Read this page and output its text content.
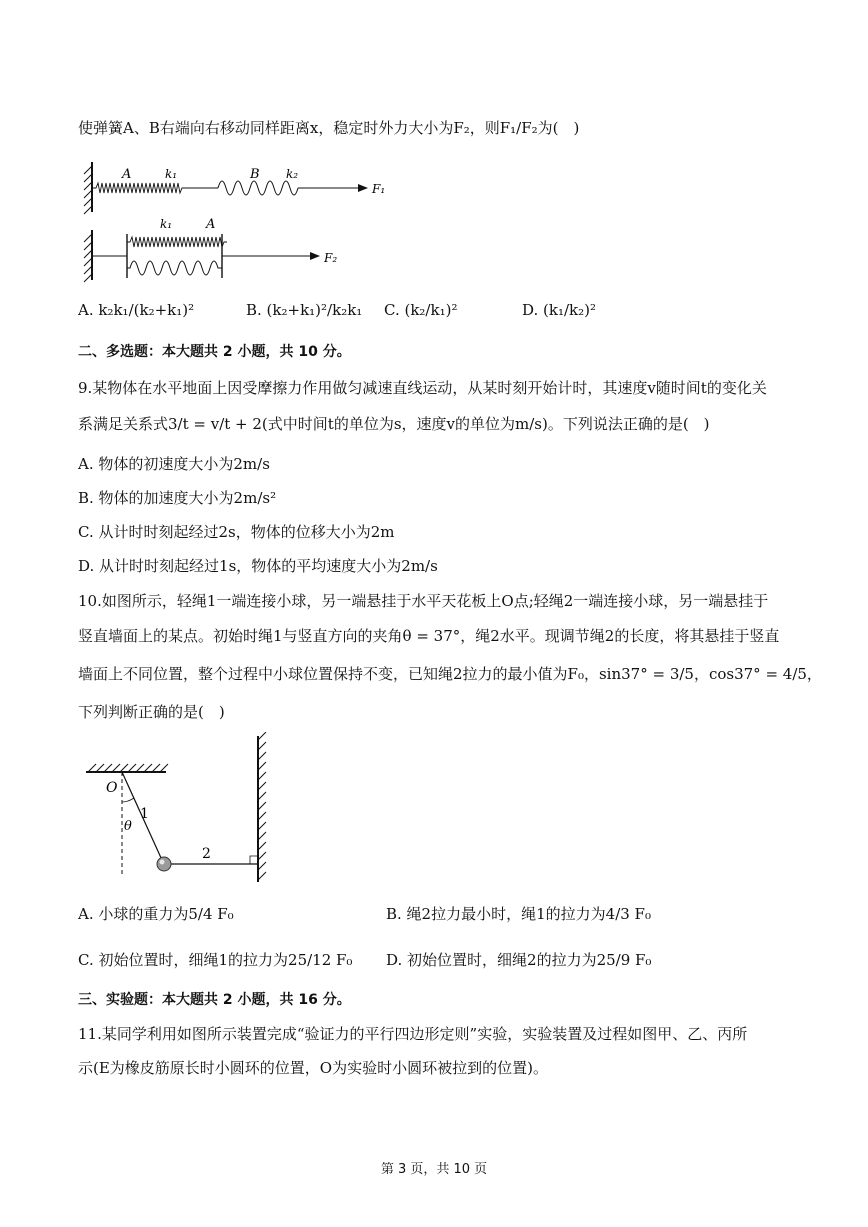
使弹簧A、B右端向右移动同样距离x，稳定时外力大小为F₂，则F₁/F₂为(　)
A	k₁	B k₂
F₁
k₁	A
F₂
A. k₂k₁/(k₂+k₁)²	B. (k₂+k₁)²/k₂k₁ C. (k₂/k₁)²	D. (k₁/k₂)²
二、多选题：本大题共 2 小题，共 10 分。
9.某物体在水平地面上因受摩擦力作用做匀减速直线运动，从某时刻开始计时，其速度v随时间t的变化关
系满足关系式3/t = v/t + 2(式中时间t的单位为s，速度v的单位为m/s)。下列说法正确的是(　)
A. 物体的初速度大小为2m/s
B. 物体的加速度大小为2m/s²
C. 从计时时刻起经过2s，物体的位移大小为2m
D. 从计时时刻起经过1s，物体的平均速度大小为2m/s
10.如图所示，轻绳1一端连接小球，另一端悬挂于水平天花板上O点;轻绳2一端连接小球，另一端悬挂于
竖直墙面上的某点。初始时绳1与竖直方向的夹角θ = 37°，绳2水平。现调节绳2的长度，将其悬挂于竖直
墙面上不同位置，整个过程中小球位置保持不变，已知绳2拉力的最小值为F₀，sin37° = 3/5，cos37° = 4/5，
下列判断正确的是(　)
O
1
θ
2
A. 小球的重力为5/4 F₀	B. 绳2拉力最小时，绳1的拉力为4/3 F₀
C. 初始位置时，细绳1的拉力为25/12 F₀ D. 初始位置时，细绳2的拉力为25/9 F₀
三、实验题：本大题共 2 小题，共 16 分。
11.某同学利用如图所示装置完成“验证力的平行四边形定则”实验，实验装置及过程如图甲、乙、丙所
示(E为橡皮筋原长时小圆环的位置，O为实验时小圆环被拉到的位置)。
第 3 页，共 10 页
